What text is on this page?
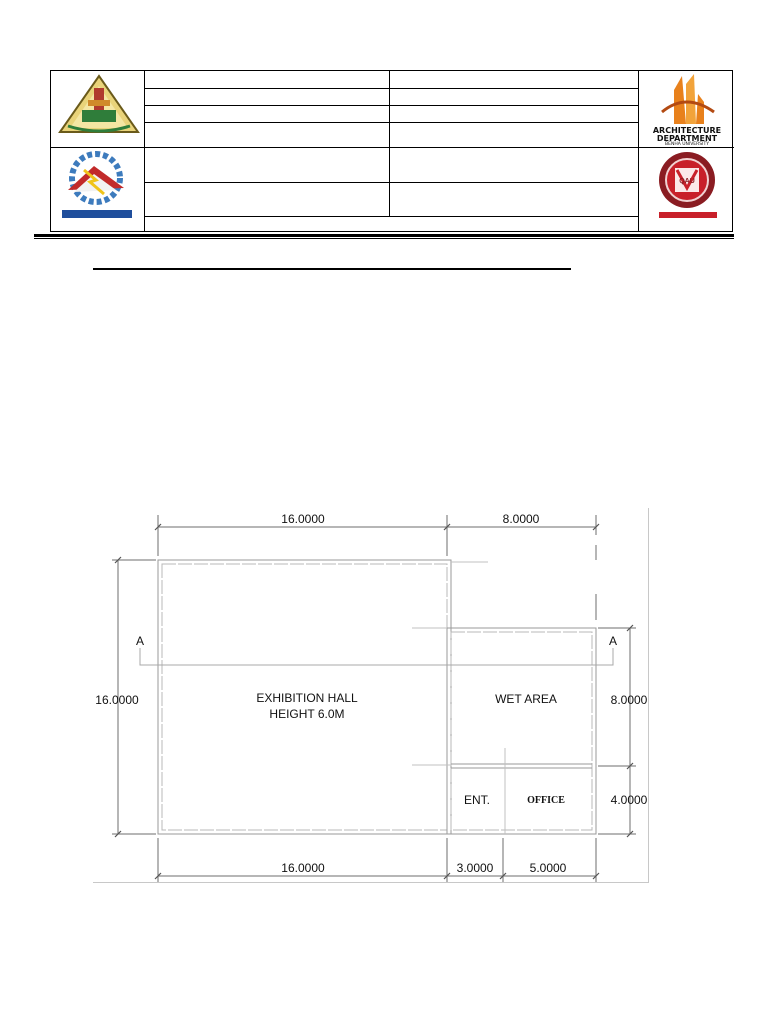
ARCHITECTURE
DEPARTMENT
BENHA UNIVERSITY
QAU
16.0000	8.0000
16.0000	8.0000
4.0000
16.0000	3.0000	5.0000
A	A
EXHIBITION HALL
HEIGHT 6.0M
WET AREA
ENT.	OFFICE
